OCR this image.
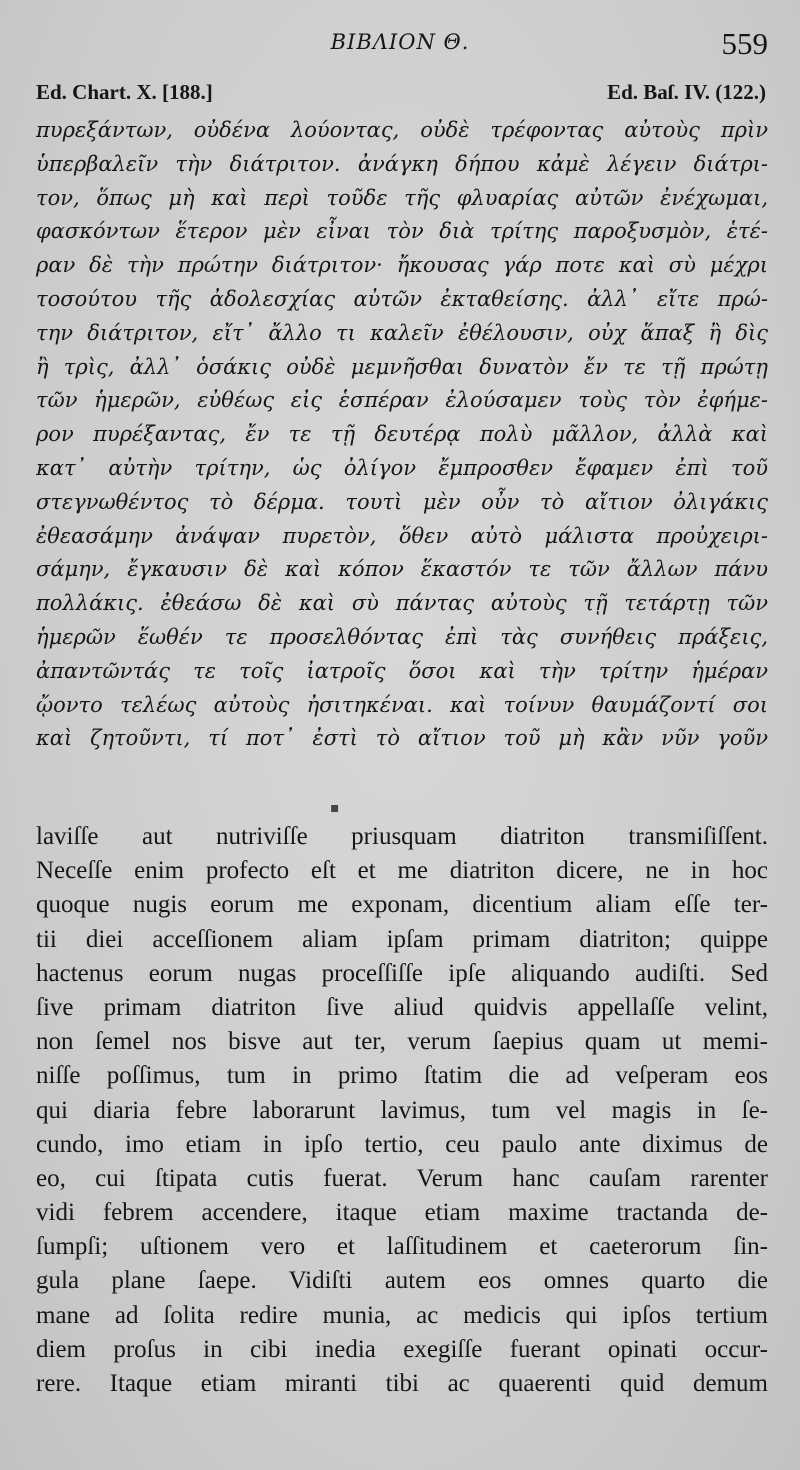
ΒΙΒΛΙΟΝ Θ.	559
Ed. Chart. X. [188.]	Ed. Baſ. IV. (122.)
πυρεξάντων, οὐδένα λούοντας, οὐδὲ τρέφοντας αὐτοὺς πρὶν
ὑπερβαλεῖν τὴν διάτριτον. ἀνάγκη δήπου κἀμὲ λέγειν διάτρι-
τον, ὅπως μὴ καὶ περὶ τοῦδε τῆς φλυαρίας αὐτῶν ἐνέχωμαι,
φασκόντων ἕτερον μὲν εἶναι τὸν διὰ τρίτης παροξυσμὸν, ἑτέ-
ραν δὲ τὴν πρώτην διάτριτον· ἤκουσας γάρ ποτε καὶ σὺ μέχρι
τοσούτου τῆς ἀδολεσχίας αὐτῶν ἐκταθείσης. ἀλλ᾽ εἴτε πρώ-
την διάτριτον, εἴτ᾽ ἄλλο τι καλεῖν ἐθέλουσιν, οὐχ ἅπαξ ἢ δὶς
ἢ τρὶς, ἀλλ᾽ ὁσάκις οὐδὲ μεμνῆσθαι δυνατὸν ἔν τε τῇ πρώτῃ
τῶν ἡμερῶν, εὐθέως εἰς ἑσπέραν ἐλούσαμεν τοὺς τὸν ἐφήμε-
ρον πυρέξαντας, ἔν τε τῇ δευτέρᾳ πολὺ μᾶλλον, ἀλλὰ καὶ
κατ᾽ αὐτὴν τρίτην, ὡς ὀλίγον ἔμπροσθεν ἔφαμεν ἐπὶ τοῦ
στεγνωθέντος τὸ δέρμα. τουτὶ μὲν οὖν τὸ αἴτιον ὀλιγάκις
ἐθεασάμην ἀνάψαν πυρετὸν, ὅθεν αὐτὸ μάλιστα προὐχειρι-
σάμην, ἔγκαυσιν δὲ καὶ κόπον ἕκαστόν τε τῶν ἄλλων πάνυ
πολλάκις. ἐθεάσω δὲ καὶ σὺ πάντας αὐτοὺς τῇ τετάρτῃ τῶν
ἡμερῶν ἕωθέν τε προσελθόντας ἐπὶ τὰς συνήθεις πράξεις,
ἀπαντῶντάς τε τοῖς ἰατροῖς ὅσοι καὶ τὴν τρίτην ἡμέραν
ᾤοντο τελέως αὐτοὺς ἠσιτηκέναι. καὶ τοίνυν θαυμάζοντί σοι
καὶ ζητοῦντι, τί ποτ᾽ ἐστὶ τὸ αἴτιον τοῦ μὴ κἂν νῦν γοῦν
▪
laviſſe aut nutriviſſe priusquam diatriton transmiſiſſent.
Neceſſe enim profecto eſt et me diatriton dicere, ne in hoc
quoque nugis eorum me exponam, dicentium aliam eſſe ter-
tii diei acceſſionem aliam ipſam primam diatriton; quippe
hactenus eorum nugas proceſſiſſe ipſe aliquando audiſti. Sed
ſive primam diatriton ſive aliud quidvis appellaſſe velint,
non ſemel nos bisve aut ter, verum ſaepius quam ut memi-
niſſe poſſimus, tum in primo ſtatim die ad veſperam eos
qui diaria febre laborarunt lavimus, tum vel magis in ſe-
cundo, imo etiam in ipſo tertio, ceu paulo ante diximus de
eo, cui ſtipata cutis fuerat. Verum hanc cauſam rarenter
vidi febrem accendere, itaque etiam maxime tractanda de-
ſumpſi; uſtionem vero et laſſitudinem et caeterorum ſin-
gula plane ſaepe. Vidiſti autem eos omnes quarto die
mane ad ſolita redire munia, ac medicis qui ipſos tertium
diem proſus in cibi inedia exegiſſe fuerant opinati occur-
rere. Itaque etiam miranti tibi ac quaerenti quid demum
